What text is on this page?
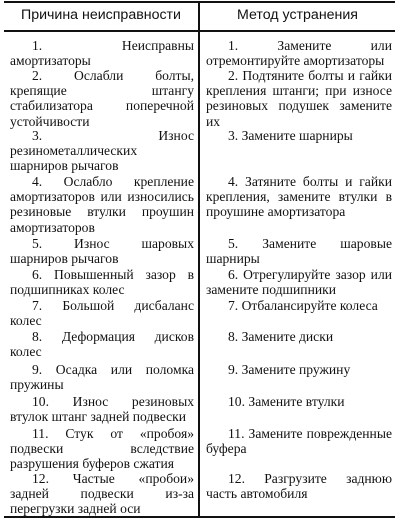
Причина неисправности	Метод устранения
1. Неисправны амортизаторы
1. Замените или отремонтируйте амортизаторы
2. Ослабли болты, крепящие штангу стабилизатора поперечной устойчивости
2. Подтяните болты и гайки крепления штанги; при износе резиновых подушек замените их
3. Износ резинометаллических шарниров рычагов
3. Замените шарниры
4. Ослабло крепление амортизаторов или износились резиновые втулки проушин амортизаторов
4. Затяните болты и гайки крепления, замените втулки в проушине амортизатора
5. Износ шаровых шарниров рычагов
5. Замените шаровые шарниры
6. Повышенный зазор в подшипниках колес
6. Отрегулируйте зазор или замените подшипники
7. Большой дисбаланс колес
7. Отбалансируйте колеса
8. Деформация дисков колес
8. Замените диски
9. Осадка или поломка пружины
9. Замените пружину
10. Износ резиновых втулок штанг задней подвески
10. Замените втулки
11. Стук от «пробоя» подвески вследствие разрушения буферов сжатия
11. Замените поврежденные буфера
12. Частые «пробои» задней подвески из-за перегрузки задней оси
12. Разгрузите заднюю часть автомобиля
